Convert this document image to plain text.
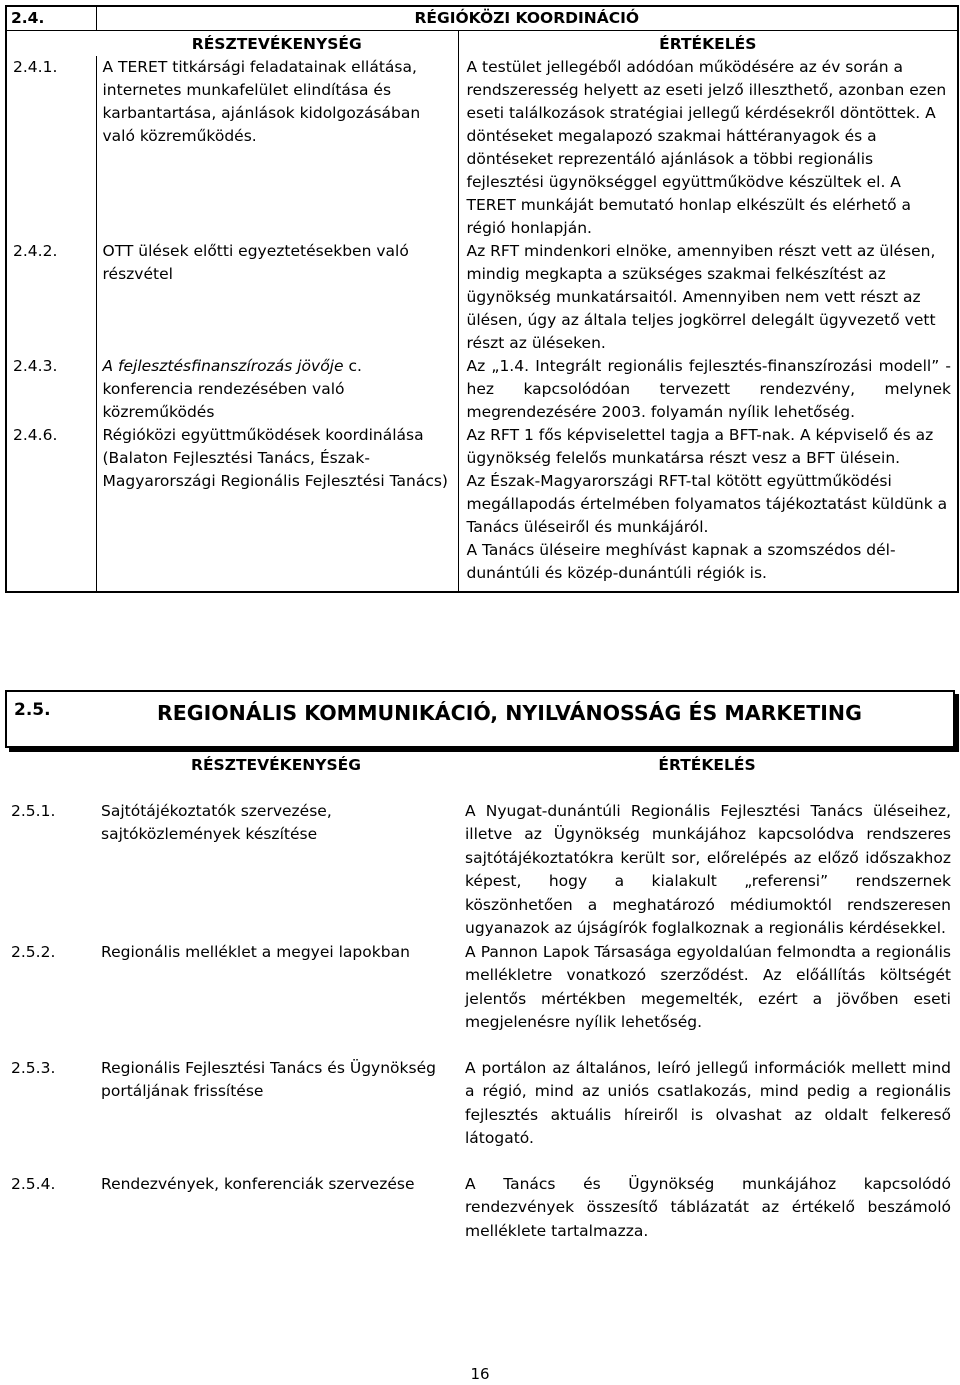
2.4.	RÉGIÓKÖZI KOORDINÁCIÓ	
	RÉSZTEVÉKENYSÉG	ÉRTÉKELÉS
2.4.1.	A TERET titkársági feladatainak ellátása, internetes munkafelület elindítása és karbantartása, ajánlások kidolgozásában való közreműködés.	A testület jellegéből adódóan működésére az év során a rendszeresség helyett az eseti jelző illeszthető, azonban ezen eseti találkozások stratégiai jellegű kérdésekről döntöttek. A döntéseket megalapozó szakmai háttéranyagok és a döntéseket reprezentáló ajánlások a többi regionális fejlesztési ügynökséggel együttműködve készültek el. A TERET munkáját bemutató honlap elkészült és elérhető a régió honlapján.
2.4.2.	OTT ülések előtti egyeztetésekben való részvétel	Az RFT mindenkori elnöke, amennyiben részt vett az ülésen, mindig megkapta a szükséges szakmai felkészítést az ügynökség munkatársaitól. Amennyiben nem vett részt az ülésen, úgy az általa teljes jogkörrel delegált ügyvezető vett részt az üléseken.
2.4.3.	A fejlesztésfinanszírozás jövője c. konferencia rendezésében való közreműködés	Az „1.4. Integrált regionális fejlesztés-finanszírozási modell” -hez kapcsolódóan tervezett rendezvény, melynek megrendezésére 2003. folyamán nyílik lehetőség.
2.4.6.	Régióközi együttműködések koordinálása (Balaton Fejlesztési Tanács, Észak-Magyarországi Regionális Fejlesztési Tanács)	Az RFT 1 fős képviselettel tagja a BFT-nak. A képviselő és az ügynökség felelős munkatársa részt vesz a BFT ülésein.
Az Észak-Magyarországi RFT-tal kötött együttműködési megállapodás értelmében folyamatos tájékoztatást küldünk a Tanács üléseiről és munkájáról.
A Tanács üléseire meghívást kapnak a szomszédos dél-dunántúli és közép-dunántúli régiók is.
2.5.	REGIONÁLIS KOMMUNIKÁCIÓ, NYILVÁNOSSÁG ÉS MARKETING
	RÉSZTEVÉKENYSÉG	ÉRTÉKELÉS

2.5.1.	Sajtótájékoztatók szervezése, sajtóközlemények készítése	A Nyugat-dunántúli Regionális Fejlesztési Tanács üléseihez, illetve az Ügynökség munkájához kapcsolódva rendszeres sajtótájékoztatókra került sor, előrelépés az előző időszakhoz képest, hogy a kialakult „referensi” rendszernek köszönhetően a meghatározó médiumoktól rendszeresen ugyanazok az újságírók foglalkoznak a regionális kérdésekkel.
2.5.2.	Regionális melléklet a megyei lapokban	A Pannon Lapok Társasága egyoldalúan felmondta a regionális mellékletre vonatkozó szerződést. Az előállítás költségét jelentős mértékben megemelték, ezért a jövőben eseti megjelenésre nyílik lehetőség.

2.5.3.	Regionális Fejlesztési Tanács és Ügynökség portáljának frissítése	A portálon az általános, leíró jellegű információk mellett mind a régió, mind az uniós csatlakozás, mind pedig a regionális fejlesztés aktuális híreiről is olvashat az oldalt felkereső látogató.

2.5.4.	Rendezvények, konferenciák szervezése	A Tanács és Ügynökség munkájához kapcsolódó rendezvények összesítő táblázatát az értékelő beszámoló melléklete tartalmazza.
16
